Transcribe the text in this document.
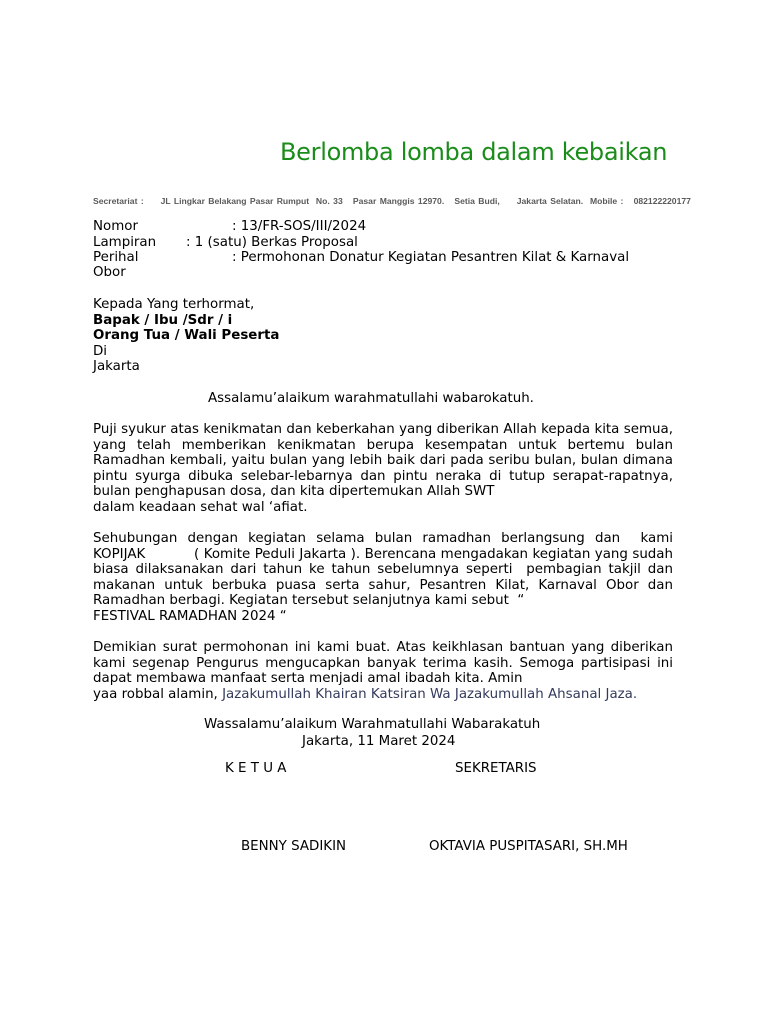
Berlomba lomba dalam kebaikan
Secretariat :     JL Lingkar Belakang Pasar Rumput  No. 33   Pasar Manggis 12970.   Setia Budi,     Jakarta Selatan.  Mobile :   082122220177
Nomor	: 13/FR-SOS/III/2024
Lampiran : 1 (satu) Berkas Proposal
Perihal	: Permohonan Donatur Kegiatan Pesantren Kilat & Karnaval
Obor
Kepada Yang terhormat,
Bapak / Ibu /Sdr / i
Orang Tua / Wali Peserta
Di
Jakarta
Assalamu’alaikum warahmatullahi wabarokatuh.
Puji syukur atas kenikmatan dan keberkahan yang diberikan Allah kepada kita semua, yang telah memberikan kenikmatan berupa kesempatan untuk bertemu bulan Ramadhan kembali, yaitu bulan yang lebih baik dari pada seribu bulan, bulan dimana pintu syurga dibuka selebar-lebarnya dan pintu neraka di tutup serapat-rapatnya, bulan penghapusan dosa, dan kita dipertemukan Allah SWT
dalam keadaan sehat wal ‘afiat.
Sehubungan dengan kegiatan selama bulan ramadhan berlangsung dan  kami KOPIJAK           ( Komite Peduli Jakarta ). Berencana mengadakan kegiatan yang sudah biasa dilaksanakan dari tahun ke tahun sebelumnya seperti  pembagian takjil dan makanan untuk berbuka puasa serta sahur, Pesantren Kilat, Karnaval Obor dan Ramadhan berbagi. Kegiatan tersebut selanjutnya kami sebut  “
FESTIVAL RAMADHAN 2024 “
Demikian surat permohonan ini kami buat. Atas keikhlasan bantuan yang diberikan kami segenap Pengurus mengucapkan banyak terima kasih. Semoga partisipasi ini dapat membawa manfaat serta menjadi amal ibadah kita. Amin
yaa robbal alamin, Jazakumullah Khairan Katsiran Wa Jazakumullah Ahsanal Jaza.
Wassalamu’alaikum Warahmatullahi Wabarakatuh
Jakarta, 11 Maret 2024
K E T U A	SEKRETARIS
BENNY SADIKIN	OKTAVIA PUSPITASARI, SH.MH
